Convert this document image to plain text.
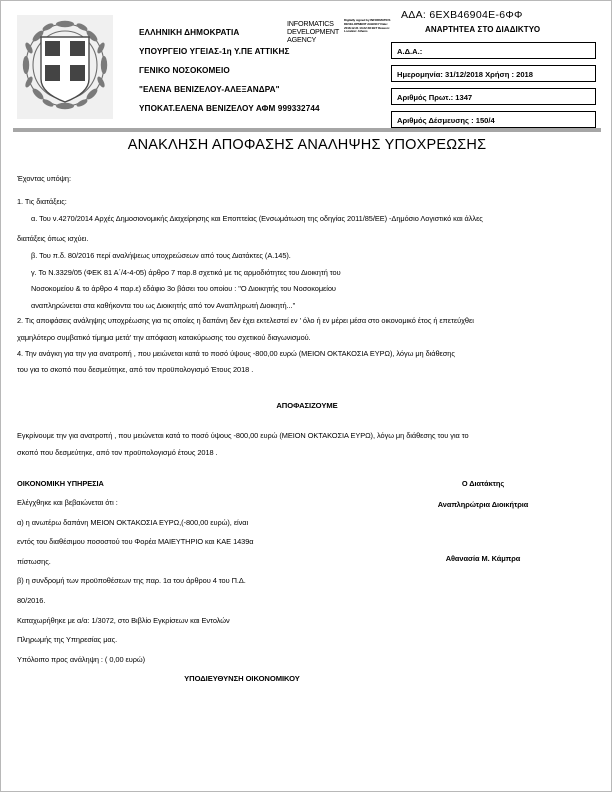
ΕΛΛΗΝΙΚΗ ΔΗΜΟΚΡΑΤΙΑ
ΥΠΟΥΡΓΕΙΟ ΥΓΕΙΑΣ-1η Υ.ΠΕ ΑΤΤΙΚΗΣ
ΓΕΝΙΚΟ ΝΟΣΟΚΟΜΕΙΟ
"ΕΛΕΝΑ ΒΕΝΙΖΕΛΟΥ-ΑΛΕΞΑΝΔΡΑ"
ΥΠΟΚΑΤ.ΕΛΕΝΑ ΒΕΝΙΖΕΛΟΥ ΑΦΜ 999332744
INFORMATICS DEVELOPMENT AGENCY
Digitally signed by INFORMATICS DEVELOPMENT AGENCY Date: 2018.12.31 13:22:48 EET Reason: Location: Athens
ΑΔΑ: 6ΕΧΒ46904Ε-6ΦΦ
ΑΝΑΡΤΗΤΕΑ ΣΤΟ ΔΙΑΔΙΚΤΥΟ
Α.Δ.Α.:
Ημερομηνία: 31/12/2018 Χρήση : 2018
Αριθμός Πρωτ.: 1347
Αριθμός Δέσμευσης : 150/4
ΑΝΑΚΛΗΣΗ ΑΠΟΦΑΣΗΣ ΑΝΑΛΗΨΗΣ ΥΠΟΧΡΕΩΣΗΣ

Έχοντας υπόψη:

1. Τις διατάξεις:

α. Του ν.4270/2014 Αρχές Δημοσιονομικής Διαχείρησης και Εποπτείας (Ενσωμάτωση της οδηγίας 2011/85/ΕΕ) -Δημόσιο Λογιστικό και άλλες

διατάξεις όπως ισχύει.

β. Του π.δ. 80/2016 περί αναλήψεως υποχρεώσεων από τους Διατάκτες (Α.145).

γ. Το Ν.3329/05 (ΦΕΚ 81 Α΄/4-4-05) άρθρο 7 παρ.8 σχετικά με τις αρμοδιότητες του Διοικητή του

Νοσοκομείου & το άρθρο 4 παρ.ε) εδάφιο 3ο βάσει του οποίου : "Ο Διοικητής του Νοσοκομείου

αναπληρώνεται στα καθήκοντα του ως Διοικητής από τον Αναπληρωτή Διοικητή..."

2. Τις αποφάσεις ανάληψης υποχρέωσης για τις οποίες η δαπάνη δεν έχει εκτελεστεί εν ' όλο ή εν μέρει μέσα στο οικονομικό έτος ή επετεύχθει

χαμηλότερο συμβατικό τίμημα μετά' την απόφαση κατακύρωσης του σχετικού διαγωνισμού.

4. Την ανάγκη για την για ανατροπή , που μειώνεται κατά το ποσό ύψους -800,00 ευρώ (ΜΕΙΟΝ ΟΚΤΑΚΟΣΙΑ ΕΥΡΩ), λόγω μη διάθεσης

του για το σκοπό που δεσμεύτηκε, από τον προϋπολογισμό Έτους 2018 .

ΑΠΟΦΑΣΙΖΟΥΜΕ

Εγκρίνουμε την για ανατροπή , που μειώνεται κατά το ποσό ύψους -800,00 ευρώ (ΜΕΙΟΝ ΟΚΤΑΚΟΣΙΑ ΕΥΡΩ), λόγω μη διάθεσης του για το

σκοπό που δεσμεύτηκε, από τον προϋπολογισμό έτους 2018 .

Ο Διατάκτης

Αναπληρώτρια Διοικήτρια

Αθανασία Μ. Κάμπρα

ΟΙΚΟΝΟΜΙΚΗ ΥΠΗΡΕΣΙΑ

Ελέγχθηκε και βεβαιώνεται ότι :

α) η ανωτέρω δαπάνη ΜΕΙΟΝ ΟΚΤΑΚΟΣΙΑ ΕΥΡΩ,(-800,00 ευρώ), είναι

εντός του διαθέσιμου ποσοστού του Φορέα ΜΑΙΕΥΤΗΡΙΟ και ΚΑΕ 1439α

πίστωσης.

β) η συνδρομή των προϋποθέσεων της παρ. 1α του άρθρου 4 του Π.Δ.

80/2016.

Καταχωρήθηκε με α/α: 1/3072, στο Βιβλίο Εγκρίσεων και Εντολών

Πληρωμής της Υπηρεσίας μας.

Υπόλοιπο προς ανάληψη : ( 0,00 ευρώ)

ΥΠΟΔΙΕΥΘΥΝΣΗ ΟΙΚΟΝΟΜΙΚΟΥ
